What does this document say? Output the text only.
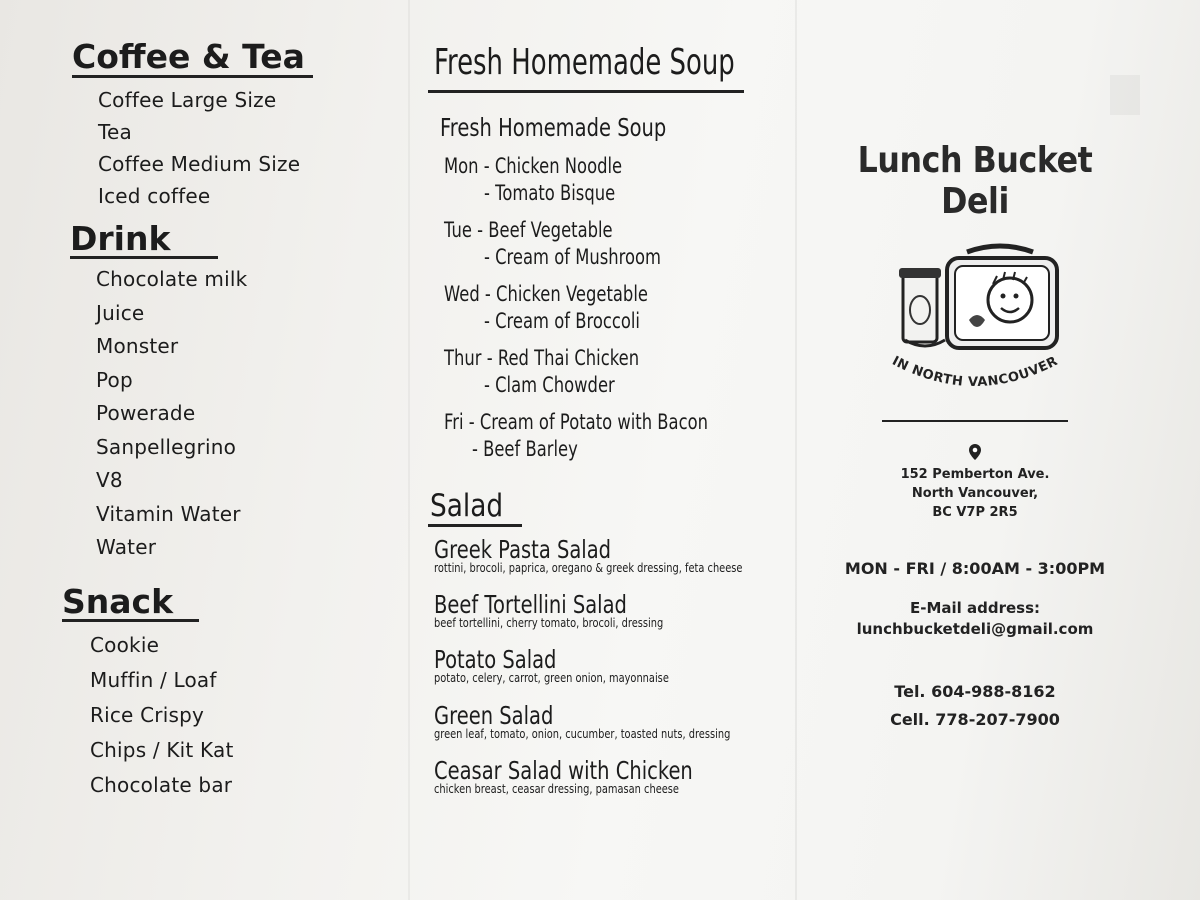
Coffee & Tea
Coffee Large Size
Tea
Coffee Medium Size
Iced coffee
Drink
Chocolate milk
Juice
Monster
Pop
Powerade
Sanpellegrino
V8
Vitamin Water
Water
Snack
Cookie
Muffin / Loaf
Rice Crispy
Chips / Kit Kat
Chocolate bar
Fresh Homemade Soup
Fresh Homemade Soup
Mon - Chicken Noodle
- Tomato Bisque
Tue - Beef Vegetable
- Cream of Mushroom
Wed - Chicken Vegetable
- Cream of Broccoli
Thur - Red Thai Chicken
- Clam Chowder
Fri - Cream of Potato with Bacon
- Beef Barley
Salad
Greek Pasta Salad
rottini, brocoli, paprica, oregano & greek dressing, feta cheese
Beef Tortellini Salad
beef tortellini, cherry tomato, brocoli, dressing
Potato Salad
potato, celery, carrot, green onion, mayonnaise
Green Salad
green leaf, tomato, onion, cucumber, toasted nuts, dressing
Ceasar Salad with Chicken
chicken breast, ceasar dressing, pamasan cheese
Lunch Bucket Deli
IN NORTH VANCOUVER
152 Pemberton Ave.
North Vancouver,
BC V7P 2R5
MON - FRI / 8:00AM - 3:00PM
E-Mail address:
lunchbucketdeli@gmail.com
Tel. 604-988-8162
Cell. 778-207-7900
